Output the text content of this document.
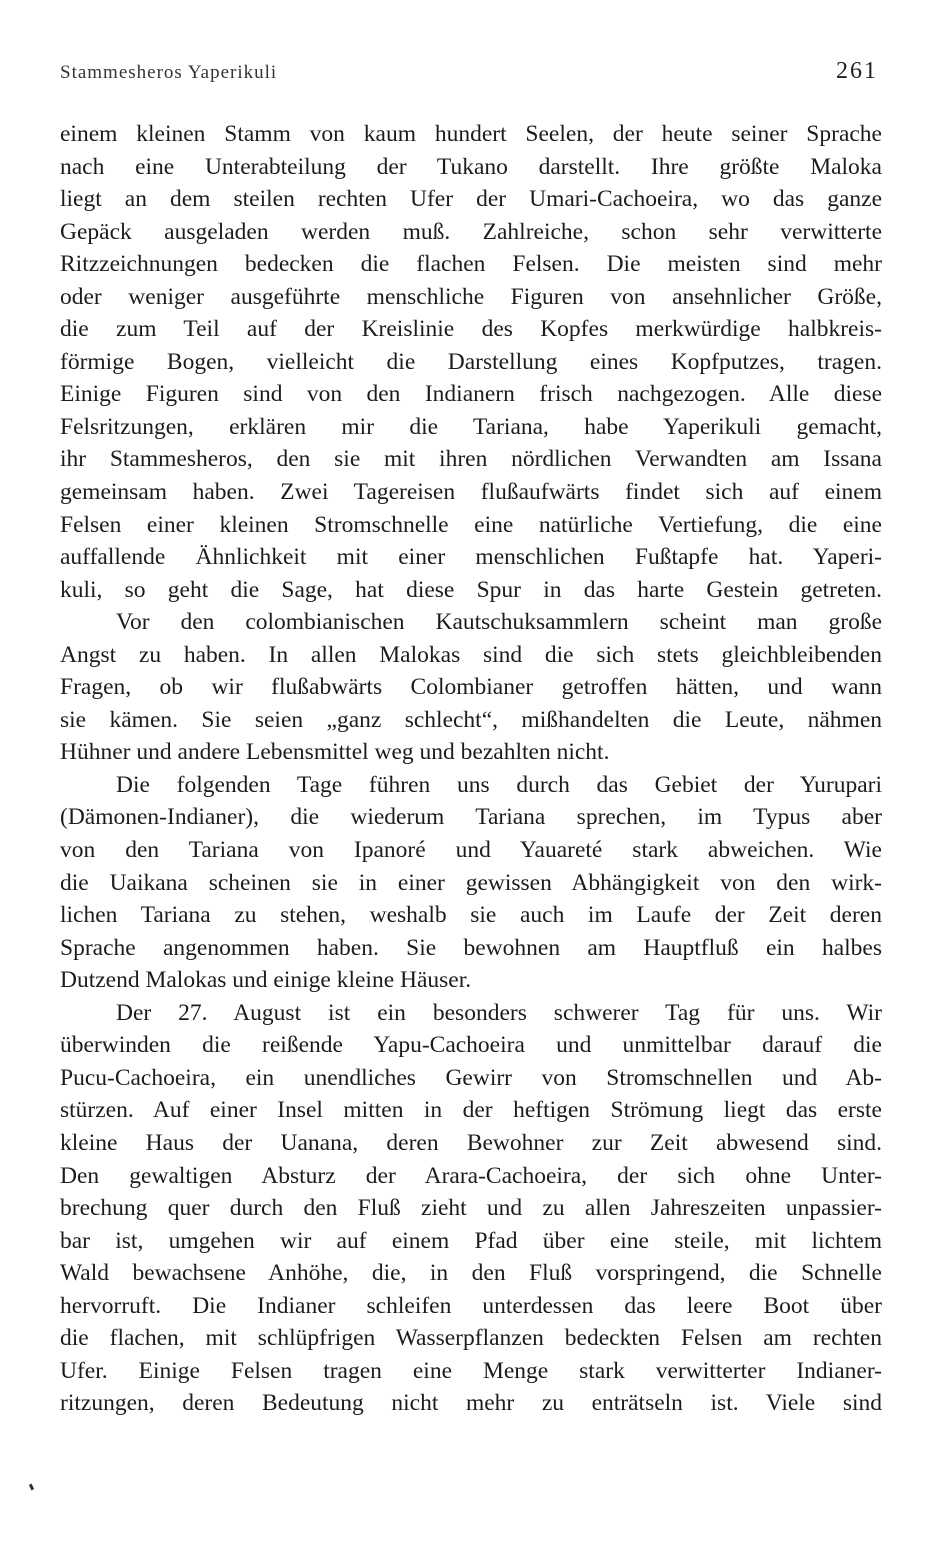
Stammesheros Yaperikuli	261
einem kleinen Stamm von kaum hundert Seelen, der heute seiner Sprache
nach eine Unterabteilung der Tukano darstellt. Ihre größte Maloka
liegt an dem steilen rechten Ufer der Umari-Cachoeira, wo das ganze
Gepäck ausgeladen werden muß. Zahlreiche, schon sehr verwitterte
Ritzzeichnungen bedecken die flachen Felsen. Die meisten sind mehr
oder weniger ausgeführte menschliche Figuren von ansehnlicher Größe,
die zum Teil auf der Kreislinie des Kopfes merkwürdige halbkreis-
förmige Bogen, vielleicht die Darstellung eines Kopfputzes, tragen.
Einige Figuren sind von den Indianern frisch nachgezogen. Alle diese
Felsritzungen, erklären mir die Tariana, habe Yaperikuli gemacht,
ihr Stammesheros, den sie mit ihren nördlichen Verwandten am Issana
gemeinsam haben. Zwei Tagereisen flußaufwärts findet sich auf einem
Felsen einer kleinen Stromschnelle eine natürliche Vertiefung, die eine
auffallende Ähnlichkeit mit einer menschlichen Fußtapfe hat. Yaperi-
kuli, so geht die Sage, hat diese Spur in das harte Gestein getreten.
Vor den colombianischen Kautschuksammlern scheint man große
Angst zu haben. In allen Malokas sind die sich stets gleichbleibenden
Fragen, ob wir flußabwärts Colombianer getroffen hätten, und wann
sie kämen. Sie seien „ganz schlecht“, mißhandelten die Leute, nähmen
Hühner und andere Lebensmittel weg und bezahlten nicht.
Die folgenden Tage führen uns durch das Gebiet der Yurupari
(Dämonen-Indianer), die wiederum Tariana sprechen, im Typus aber
von den Tariana von Ipanoré und Yauareté stark abweichen. Wie
die Uaikana scheinen sie in einer gewissen Abhängigkeit von den wirk-
lichen Tariana zu stehen, weshalb sie auch im Laufe der Zeit deren
Sprache angenommen haben. Sie bewohnen am Hauptfluß ein halbes
Dutzend Malokas und einige kleine Häuser.
Der 27. August ist ein besonders schwerer Tag für uns. Wir
überwinden die reißende Yapu-Cachoeira und unmittelbar darauf die
Pucu-Cachoeira, ein unendliches Gewirr von Stromschnellen und Ab-
stürzen. Auf einer Insel mitten in der heftigen Strömung liegt das erste
kleine Haus der Uanana, deren Bewohner zur Zeit abwesend sind.
Den gewaltigen Absturz der Arara-Cachoeira, der sich ohne Unter-
brechung quer durch den Fluß zieht und zu allen Jahreszeiten unpassier-
bar ist, umgehen wir auf einem Pfad über eine steile, mit lichtem
Wald bewachsene Anhöhe, die, in den Fluß vorspringend, die Schnelle
hervorruft. Die Indianer schleifen unterdessen das leere Boot über
die flachen, mit schlüpfrigen Wasserpflanzen bedeckten Felsen am rechten
Ufer. Einige Felsen tragen eine Menge stark verwitterter Indianer-
ritzungen, deren Bedeutung nicht mehr zu enträtseln ist. Viele sind
